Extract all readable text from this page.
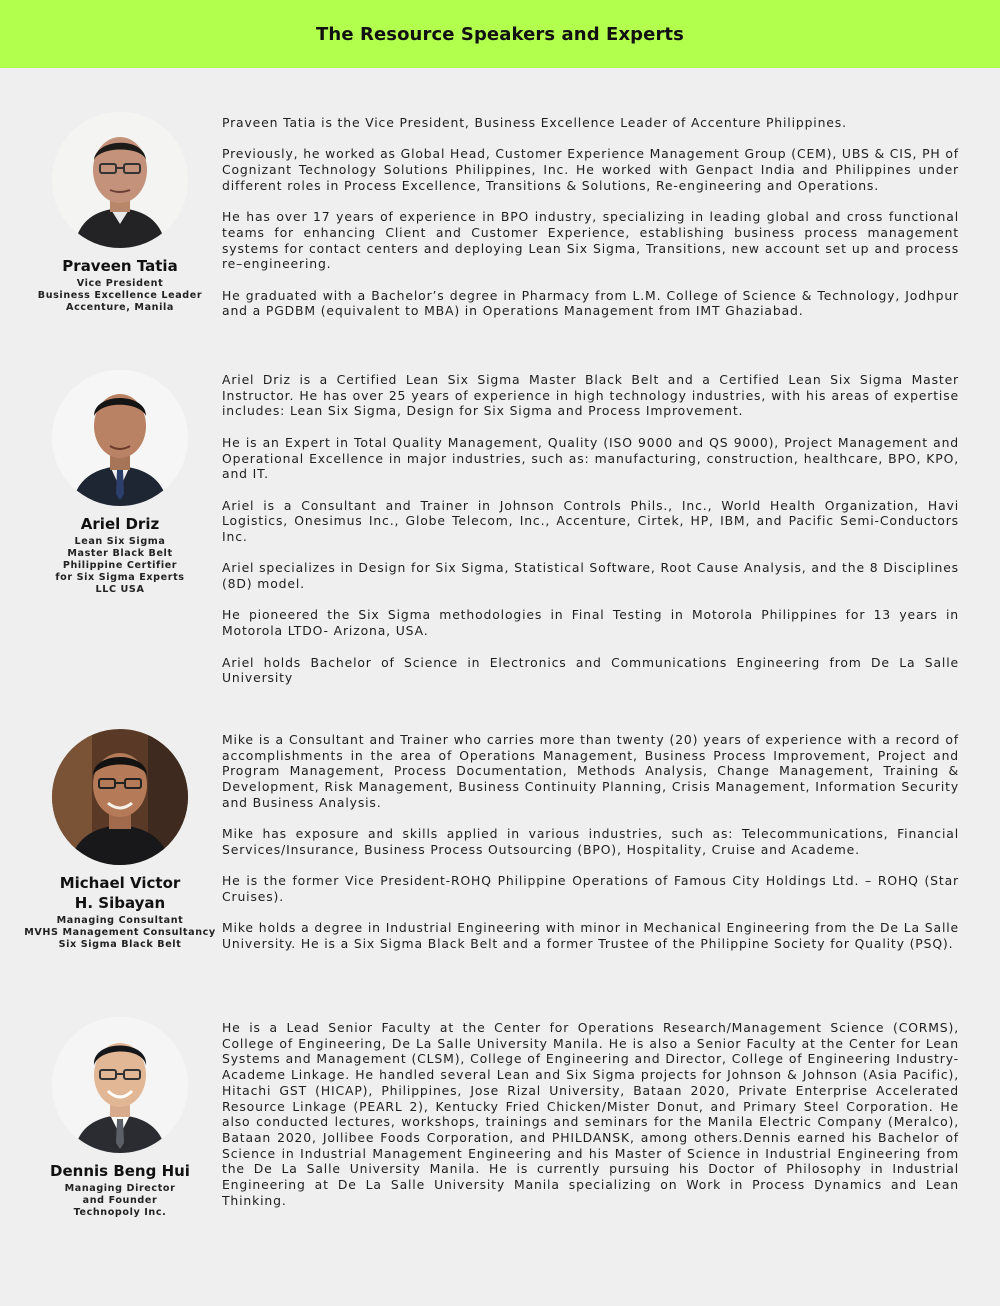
The Resource Speakers and Experts
Praveen Tatia
Vice President
Business Excellence Leader
Accenture, Manila

Praveen Tatia is the Vice President, Business Excellence Leader of Accenture Philippines.

Previously, he worked as Global Head, Customer Experience Management Group (CEM), UBS & CIS, PH of Cognizant Technology Solutions Philippines, Inc. He worked with Genpact India and Philippines under different roles in Process Excellence, Transitions & Solutions, Re-engineering and Operations.

He has over 17 years of experience in BPO industry, specializing in leading global and cross functional teams for enhancing Client and Customer Experience, establishing business process management systems for contact centers and deploying Lean Six Sigma, Transitions, new account set up and process re–engineering.

He graduated with a Bachelor’s degree in Pharmacy from L.M. College of Science & Technology, Jodhpur and a PGDBM (equivalent to MBA) in Operations Management from IMT Ghaziabad.

Ariel Driz
Lean Six Sigma
Master Black Belt
Philippine Certifier
for Six Sigma Experts
LLC USA

Ariel Driz is a Certified Lean Six Sigma Master Black Belt and a Certified Lean Six Sigma Master Instructor. He has over 25 years of experience in high technology industries, with his areas of expertise includes: Lean Six Sigma, Design for Six Sigma and Process Improvement.

He is an Expert in Total Quality Management, Quality (ISO 9000 and QS 9000), Project Management and Operational Excellence in major industries, such as: manufacturing, construction, healthcare, BPO, KPO, and IT.

Ariel is a Consultant and Trainer in Johnson Controls Phils., Inc., World Health Organization, Havi Logistics, Onesimus Inc., Globe Telecom, Inc., Accenture, Cirtek, HP, IBM, and Pacific Semi-Conductors Inc.

Ariel specializes in Design for Six Sigma, Statistical Software, Root Cause Analysis, and the 8 Disciplines (8D) model.

He pioneered the Six Sigma methodologies in Final Testing in Motorola Philippines for 13 years in Motorola LTDO- Arizona, USA.

Ariel holds Bachelor of Science in Electronics and Communications Engineering from De La Salle University

Michael Victor H. Sibayan
Managing Consultant
MVHS Management Consultancy
Six Sigma Black Belt

Mike is a Consultant and Trainer who carries more than twenty (20) years of experience with a record of accomplishments in the area of Operations Management, Business Process Improvement, Project and Program Management, Process Documentation, Methods Analysis, Change Management, Training & Development, Risk Management, Business Continuity Planning, Crisis Management, Information Security and Business Analysis.

Mike has exposure and skills applied in various industries, such as: Telecommunications, Financial Services/Insurance, Business Process Outsourcing (BPO), Hospitality, Cruise and Academe.

He is the former Vice President-ROHQ Philippine Operations of Famous City Holdings Ltd. – ROHQ (Star Cruises).

Mike holds a degree in Industrial Engineering with minor in Mechanical Engineering from the De La Salle University. He is a Six Sigma Black Belt and a former Trustee of the Philippine Society for Quality (PSQ).

Dennis Beng Hui
Managing Director
and Founder
Technopoly Inc.

He is a Lead Senior Faculty at the Center for Operations Research/Management Science (CORMS), College of Engineering, De La Salle University Manila. He is also a Senior Faculty at the Center for Lean Systems and Management (CLSM), College of Engineering and Director, College of Engineering Industry-Academe Linkage. He handled several Lean and Six Sigma projects for Johnson & Johnson (Asia Pacific), Hitachi GST (HICAP), Philippines, Jose Rizal University, Bataan 2020, Private Enterprise Accelerated Resource Linkage (PEARL 2), Kentucky Fried Chicken/Mister Donut, and Primary Steel Corporation. He also conducted lectures, workshops, trainings and seminars for the Manila Electric Company (Meralco), Bataan 2020, Jollibee Foods Corporation, and PHILDANSK, among others.Dennis earned his Bachelor of Science in Industrial Management Engineering and his Master of Science in Industrial Engineering from the De La Salle University Manila. He is currently pursuing his Doctor of Philosophy in Industrial Engineering at De La Salle University Manila specializing on Work in Process Dynamics and Lean Thinking.
